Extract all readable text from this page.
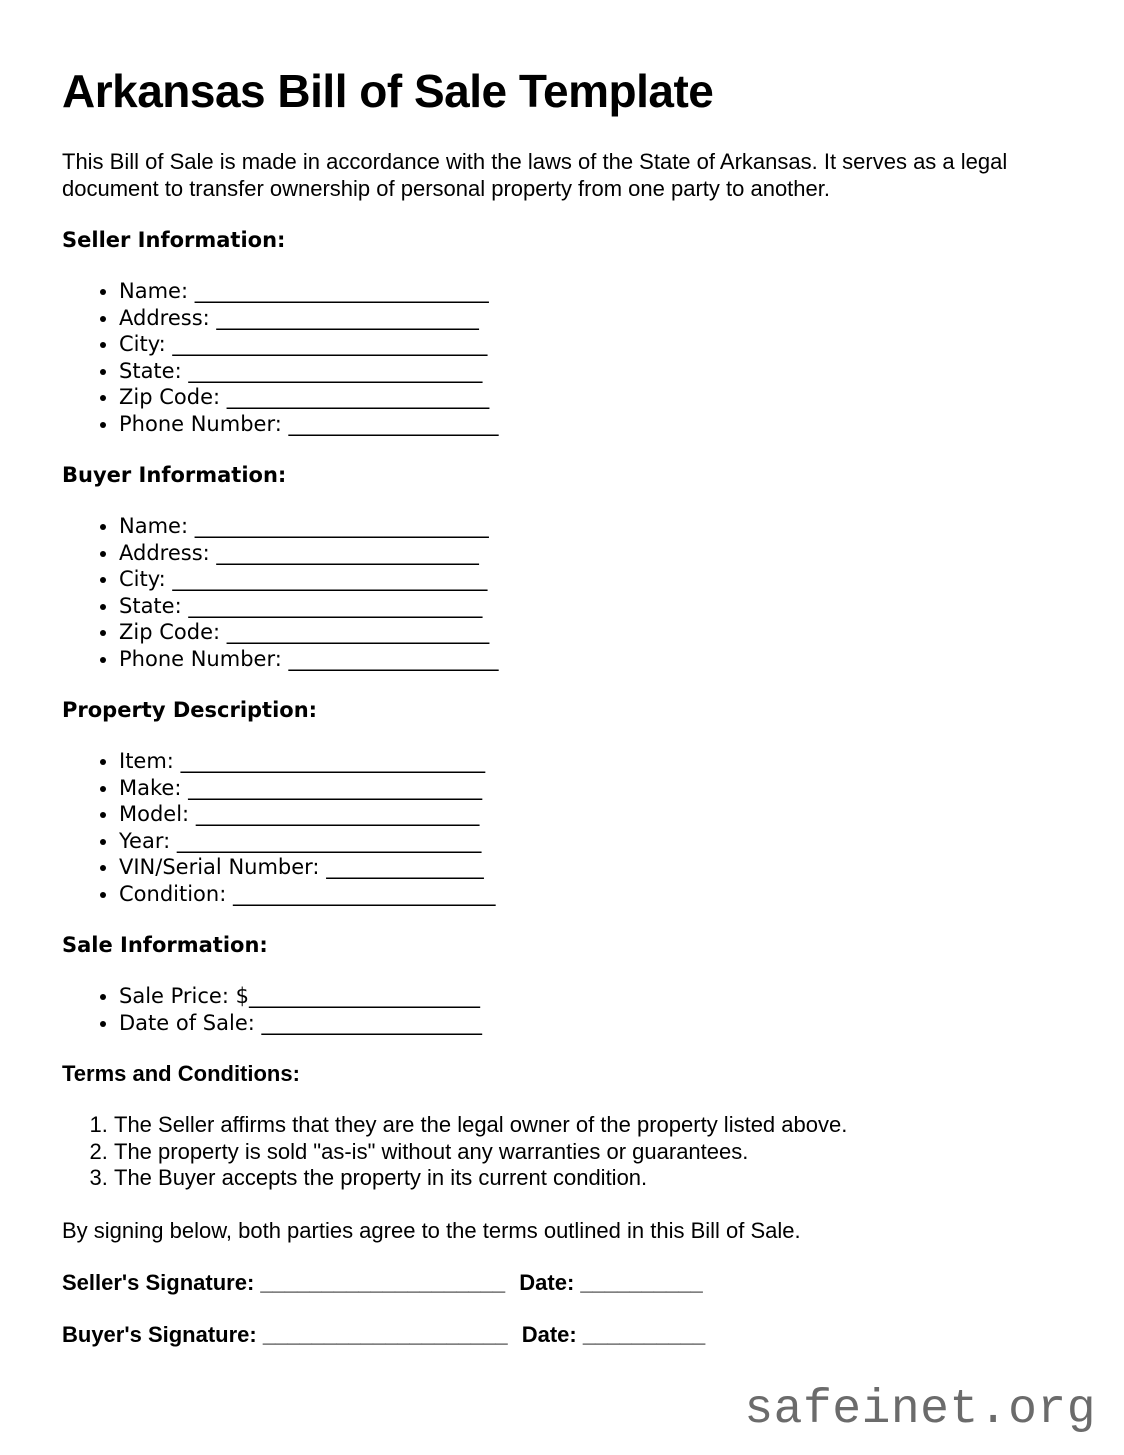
Arkansas Bill of Sale Template

This Bill of Sale is made in accordance with the laws of the State of Arkansas. It serves as a legal document to transfer ownership of personal property from one party to another.

Seller Information:
• Name: ____________________________
• Address: _________________________
• City: ______________________________
• State: ____________________________
• Zip Code: _________________________
• Phone Number: ____________________
Buyer Information:
• Name: ____________________________
• Address: _________________________
• City: ______________________________
• State: ____________________________
• Zip Code: _________________________
• Phone Number: ____________________
Property Description:
• Item: _____________________________
• Make: ____________________________
• Model: ___________________________
• Year: _____________________________
• VIN/Serial Number: _______________
• Condition: _________________________
Sale Information:
• Sale Price: $______________________
• Date of Sale: _____________________
Terms and Conditions:
1. The Seller affirms that they are the legal owner of the property listed above.
2. The property is sold "as-is" without any warranties or guarantees.
3. The Buyer accepts the property in its current condition.

By signing below, both parties agree to the terms outlined in this Bill of Sale.

Seller's Signature: ____________________ Date: __________

Buyer's Signature: ____________________ Date: __________

safeinet.org
